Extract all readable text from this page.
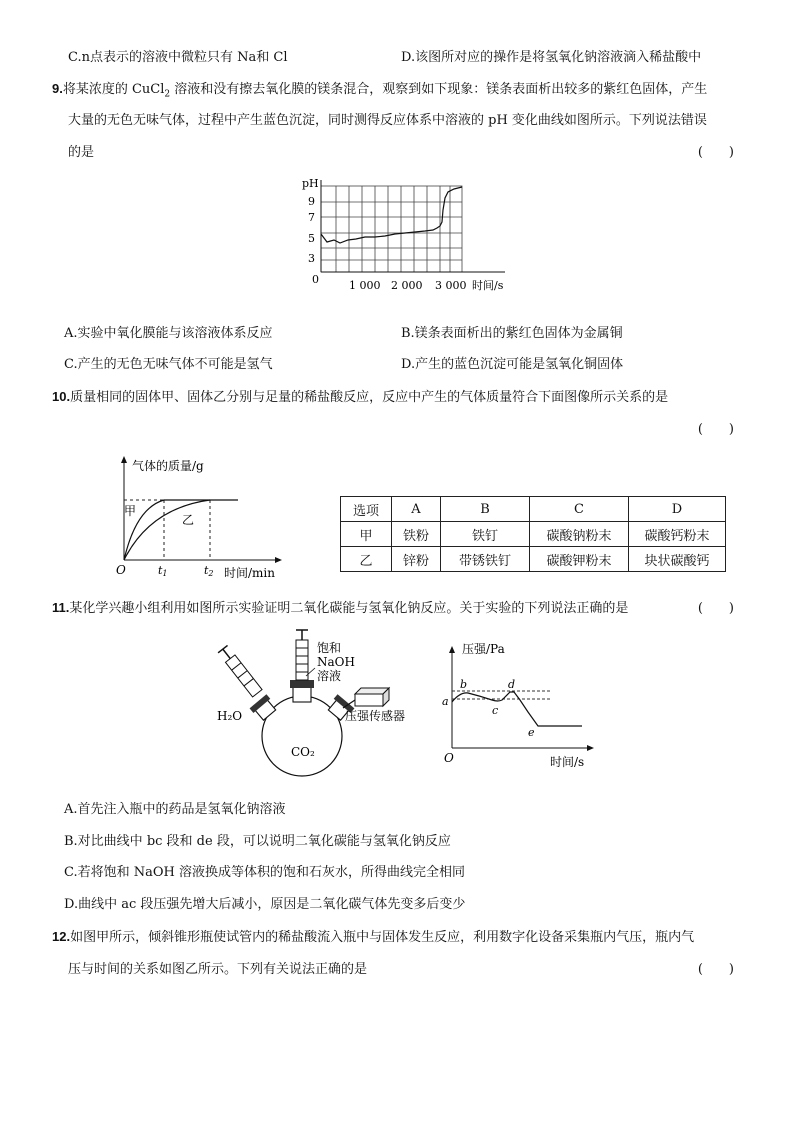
C.n点表示的溶液中微粒只有 Na和 Cl	D.该图所对应的操作是将氢氧化钠溶液滴入稀盐酸中
9.将某浓度的 CuCl$_2$ 溶液和没有擦去氧化膜的镁条混合，观察到如下现象：镁条表面析出较多的紫红色固体，产生
大量的无色无味气体，过程中产生蓝色沉淀，同时测得反应体系中溶液的 pH 变化曲线如图所示。下列说法错误
的是	(　　)
pH
9
7
5
3
0	1 000 2 000 3 000 时间/s
A.实验中氧化膜能与该溶液体系反应	B.镁条表面析出的紫红色固体为金属铜
C.产生的无色无味气体不可能是氢气	D.产生的蓝色沉淀可能是氢氧化铜固体
10.质量相同的固体甲、固体乙分别与足量的稀盐酸反应，反应中产生的气体质量符合下面图像所示关系的是
(　　)
气体的质量/g
甲
乙
O	t1	t2 时间/min
选项	A	B	C	D
甲	铁粉	铁钉	碳酸钠粉末	碳酸钙粉末
乙	锌粉	带锈铁钉	碳酸钾粉末	块状碳酸钙
11.某化学兴趣小组利用如图所示实验证明二氧化碳能与氢氧化钠反应。关于实验的下列说法正确的是	(　　)
饱和
NaOH
溶液
H₂O
CO₂
压强传感器
压强/Pa
a
b
c
d
e
O	时间/s
A.首先注入瓶中的药品是氢氧化钠溶液
B.对比曲线中 bc 段和 de 段，可以说明二氧化碳能与氢氧化钠反应
C.若将饱和 NaOH 溶液换成等体积的饱和石灰水，所得曲线完全相同
D.曲线中 ac 段压强先增大后减小，原因是二氧化碳气体先变多后变少
12.如图甲所示，倾斜锥形瓶使试管内的稀盐酸流入瓶中与固体发生反应，利用数字化设备采集瓶内气压，瓶内气
压与时间的关系如图乙所示。下列有关说法正确的是	(　　)
